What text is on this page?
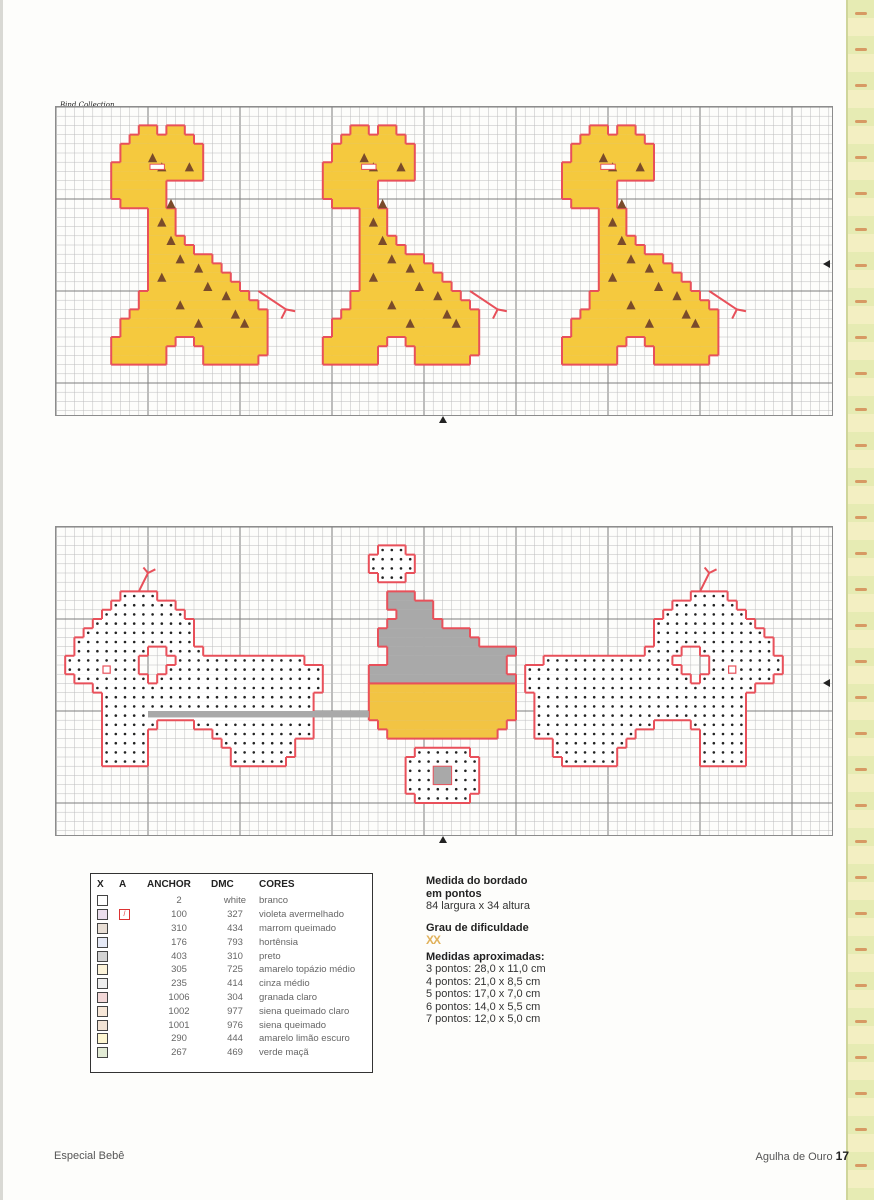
Bind Collection
X	A	ANCHOR	DMC	CORES
		2	white	branco
	/	100	327	violeta avermelhado
		310	434	marrom queimado
		176	793	hortênsia
		403	310	preto
		305	725	amarelo topázio médio
		235	414	cinza médio
		1006	304	granada claro
		1002	977	siena queimado claro
		1001	976	siena queimado
		290	444	amarelo limão escuro
		267	469	verde maçã
Medida do bordado
em pontos
84 largura x 34 altura
Grau de dificuldade
XX
Medidas aproximadas:
3 pontos: 28,0 x 11,0 cm
4 pontos: 21,0 x 8,5 cm
5 pontos: 17,0 x 7,0 cm
6 pontos: 14,0 x 5,5 cm
7 pontos: 12,0 x 5,0 cm
Especial Bebê	Agulha de Ouro 17
